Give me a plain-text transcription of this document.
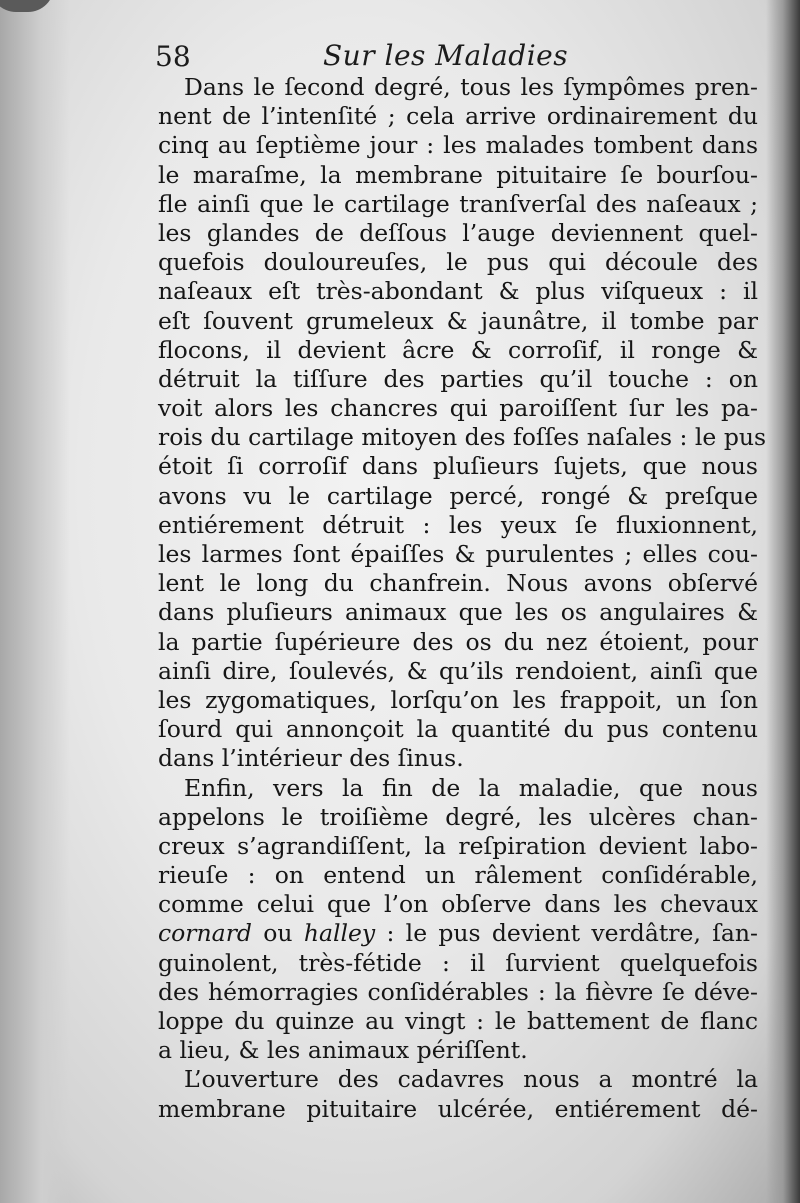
58	Sur les Maladies
Dans le ſecond degré, tous les ſympômes pren-
nent de l’intenſité ; cela arrive ordinairement du
cinq au ſeptième jour : les malades tombent dans
le maraſme, la membrane pituitaire ſe bourſou-
fle ainſi que le cartilage tranſverſal des naſeaux ;
les glandes de deſſous l’auge deviennent quel-
quefois douloureuſes, le pus qui découle des
naſeaux eſt très-abondant & plus viſqueux : il
eſt ſouvent grumeleux & jaunâtre, il tombe par
flocons, il devient âcre & corroſif, il ronge &
détruit la tiſſure des parties qu’il touche : on
voit alors les chancres qui paroiſſent ſur les pa-
rois du cartilage mitoyen des foſſes naſales : le pus
étoit ſi corroſif dans pluſieurs ſujets, que nous
avons vu le cartilage percé, rongé & preſque
entiérement détruit : les yeux ſe fluxionnent,
les larmes ſont épaiſſes & purulentes ; elles cou-
lent le long du chanfrein. Nous avons obſervé
dans pluſieurs animaux que les os angulaires &
la partie ſupérieure des os du nez étoient, pour
ainſi dire, ſoulevés, & qu’ils rendoient, ainſi que
les zygomatiques, lorſqu’on les frappoit, un ſon
ſourd qui annonçoit la quantité du pus contenu
dans l’intérieur des ſinus.
Enfin, vers la fin de la maladie, que nous
appelons le troiſième degré, les ulcères chan-
creux s’agrandiſſent, la reſpiration devient labo-
rieuſe : on entend un râlement conſidérable,
comme celui que l’on obſerve dans les chevaux
cornard ou halley : le pus devient verdâtre, ſan-
guinolent, très-fétide : il ſurvient quelquefois
des hémorragies conſidérables : la fièvre ſe déve-
loppe du quinze au vingt : le battement de flanc
a lieu, & les animaux périſſent.
L’ouverture des cadavres nous a montré la
membrane pituitaire ulcérée, entiérement dé-
